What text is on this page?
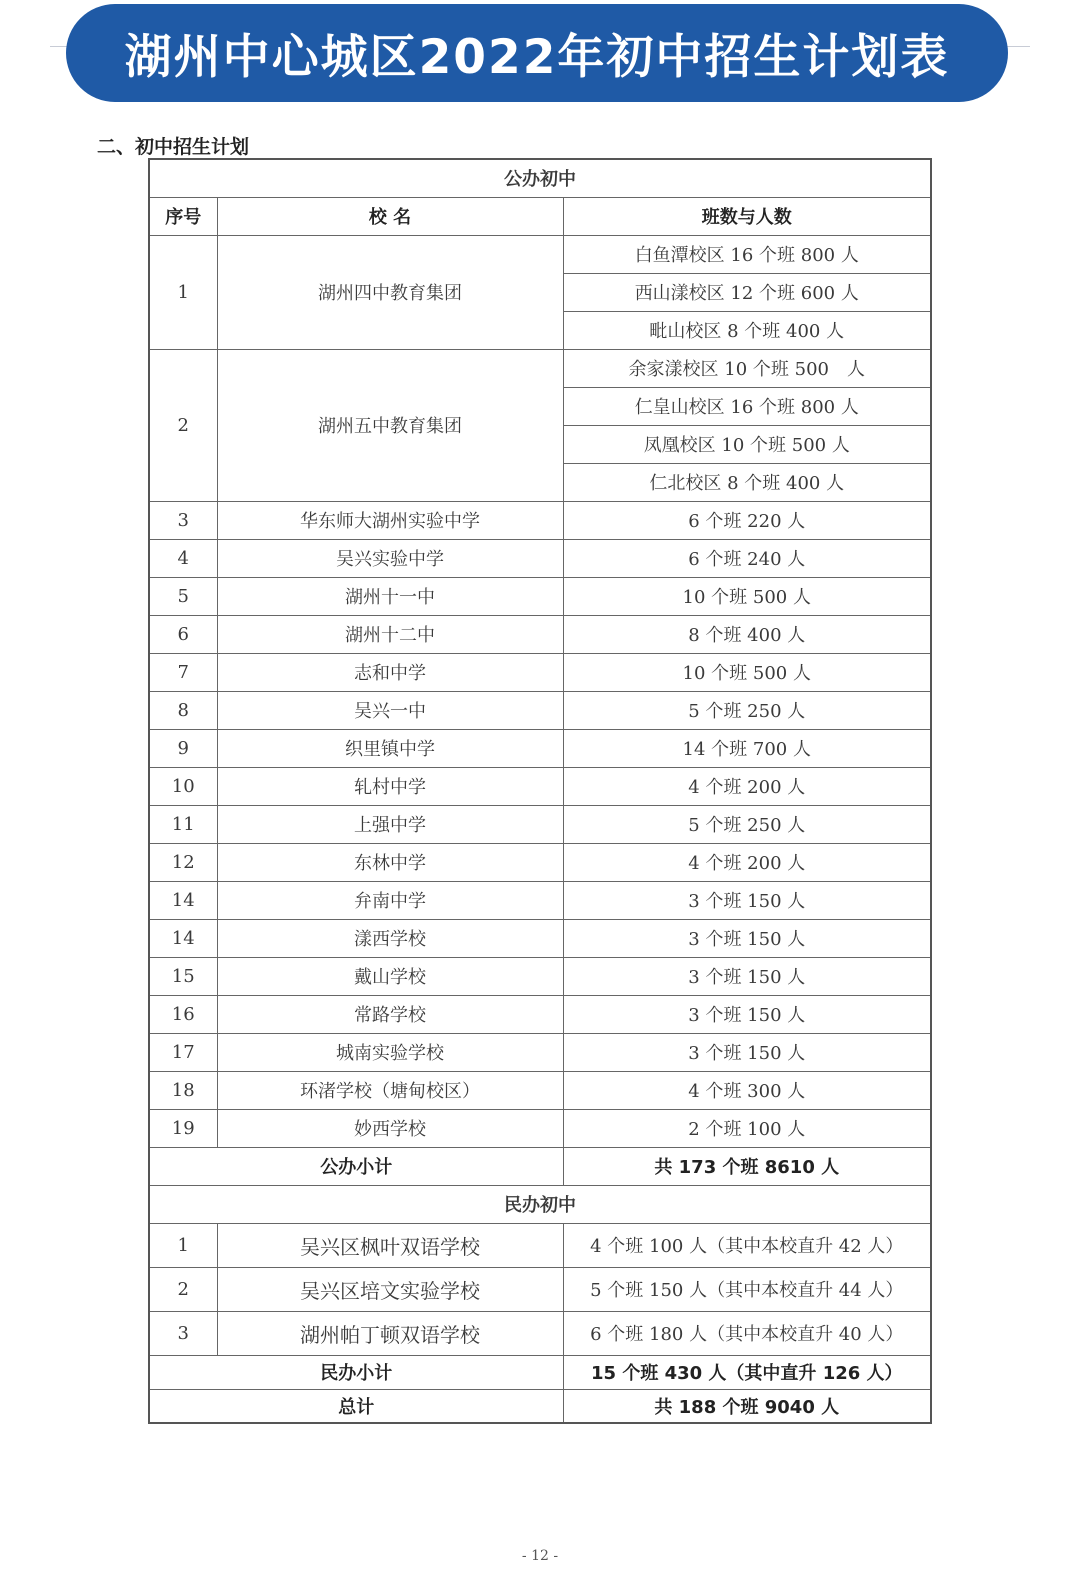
湖州中心城区2022年初中招生计划表
二、初中招生计划
公办初中		
序号	校 名	班数与人数
1	湖州四中教育集团	白鱼潭校区 16 个班 800 人
		西山漾校区 12 个班 600 人
		毗山校区 8 个班 400 人
2	湖州五中教育集团	余家漾校区 10 个班 500　人
		仁皇山校区 16 个班 800 人
		凤凰校区 10 个班 500 人
		仁北校区 8 个班 400 人
3	华东师大湖州实验中学	6 个班 220 人
4	吴兴实验中学	6 个班 240 人
5	湖州十一中	10 个班 500 人
6	湖州十二中	8 个班 400 人
7	志和中学	10 个班 500 人
8	吴兴一中	5 个班 250 人
9	织里镇中学	14 个班 700 人
10	轧村中学	4 个班 200 人
11	上强中学	5 个班 250 人
12	东林中学	4 个班 200 人
14	弁南中学	3 个班 150 人
14	漾西学校	3 个班 150 人
15	戴山学校	3 个班 150 人
16	常路学校	3 个班 150 人
17	城南实验学校	3 个班 150 人
18	环渚学校（塘甸校区）	4 个班 300 人
19	妙西学校	2 个班 100 人
公办小计		共 173 个班 8610 人
民办初中		
1	吴兴区枫叶双语学校	4 个班 100 人（其中本校直升 42 人）
2	吴兴区培文实验学校	5 个班 150 人（其中本校直升 44 人）
3	湖州帕丁顿双语学校	6 个班 180 人（其中本校直升 40 人）
民办小计		15 个班 430 人（其中直升 126 人）
总计		共 188 个班 9040 人
- 12 -
